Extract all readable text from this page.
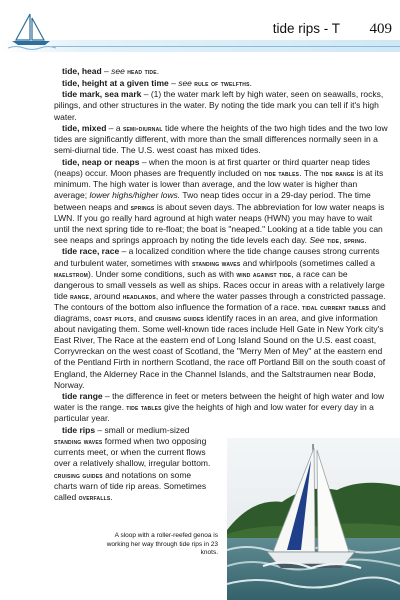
tide rips - T 409

tide, head – see head tide.

tide, height at a given time – see rule of twelfths.

tide mark, sea mark – (1) the water mark left by high water, seen on seawalls, rocks, pilings, and other structures in the water. By noting the tide mark you can tell if it's high water.

tide, mixed – a semi-diurnal tide where the heights of the two high tides and the two low tides are significantly different, with more than the small differences normally seen in a semi-diurnal tide. The U.S. west coast has mixed tides.

tide, neap or neaps – when the moon is at first quarter or third quarter neap tides (neaps) occur. Moon phases are frequently included on tide tables. The tide range is at its minimum. The high water is lower than average, and the low water is higher than average; lower highs/higher lows. Two neap tides occur in a 29-day period. The time between neaps and springs is about seven days. The abbreviation for low water neaps is LWN. If you go really hard aground at high water neaps (HWN) you may have to wait until the next spring tide to re-float; the boat is "neaped." Looking at a tide table you can see neaps and springs approach by noting the tide levels each day. See tide, spring.

tide race, race – a localized condition where the tide change causes strong currents and turbulent water, sometimes with standing waves and whirlpools (sometimes called a maelstrom). Under some conditions, such as with wind against tide, a race can be dangerous to small vessels as well as ships. Races occur in areas with a relatively large tide range, around headlands, and where the water passes through a constricted passage. The contours of the bottom also influence the formation of a race. tidal current tables and diagrams, coast pilots, and cruising guides identify races in an area, and give information about navigating them. Some well-known tide races include Hell Gate in New York city's East River, The Race at the eastern end of Long Island Sound on the U.S. east coast, Corryvreckan on the west coast of Scotland, the "Merry Men of Mey" at the eastern end of the Pentland Firth in northern Scotland, the race off Portland Bill on the south coast of England, the Alderney Race in the Channel Islands, and the Saltstraumen near Bodø, Norway.

tide range – the difference in feet or meters between the height of high water and low water is the range. tide tables give the heights of high and low water for every day in a particular year.

tide rips – small or medium-sized standing waves formed when two opposing currents meet, or when the current flows over a relatively shallow, irregular bottom. cruising guides and notations on some charts warn of tide rip areas. Sometimes called overfalls.

A sloop with a roller-reefed genoa is working her way through tide rips in 23 knots.
